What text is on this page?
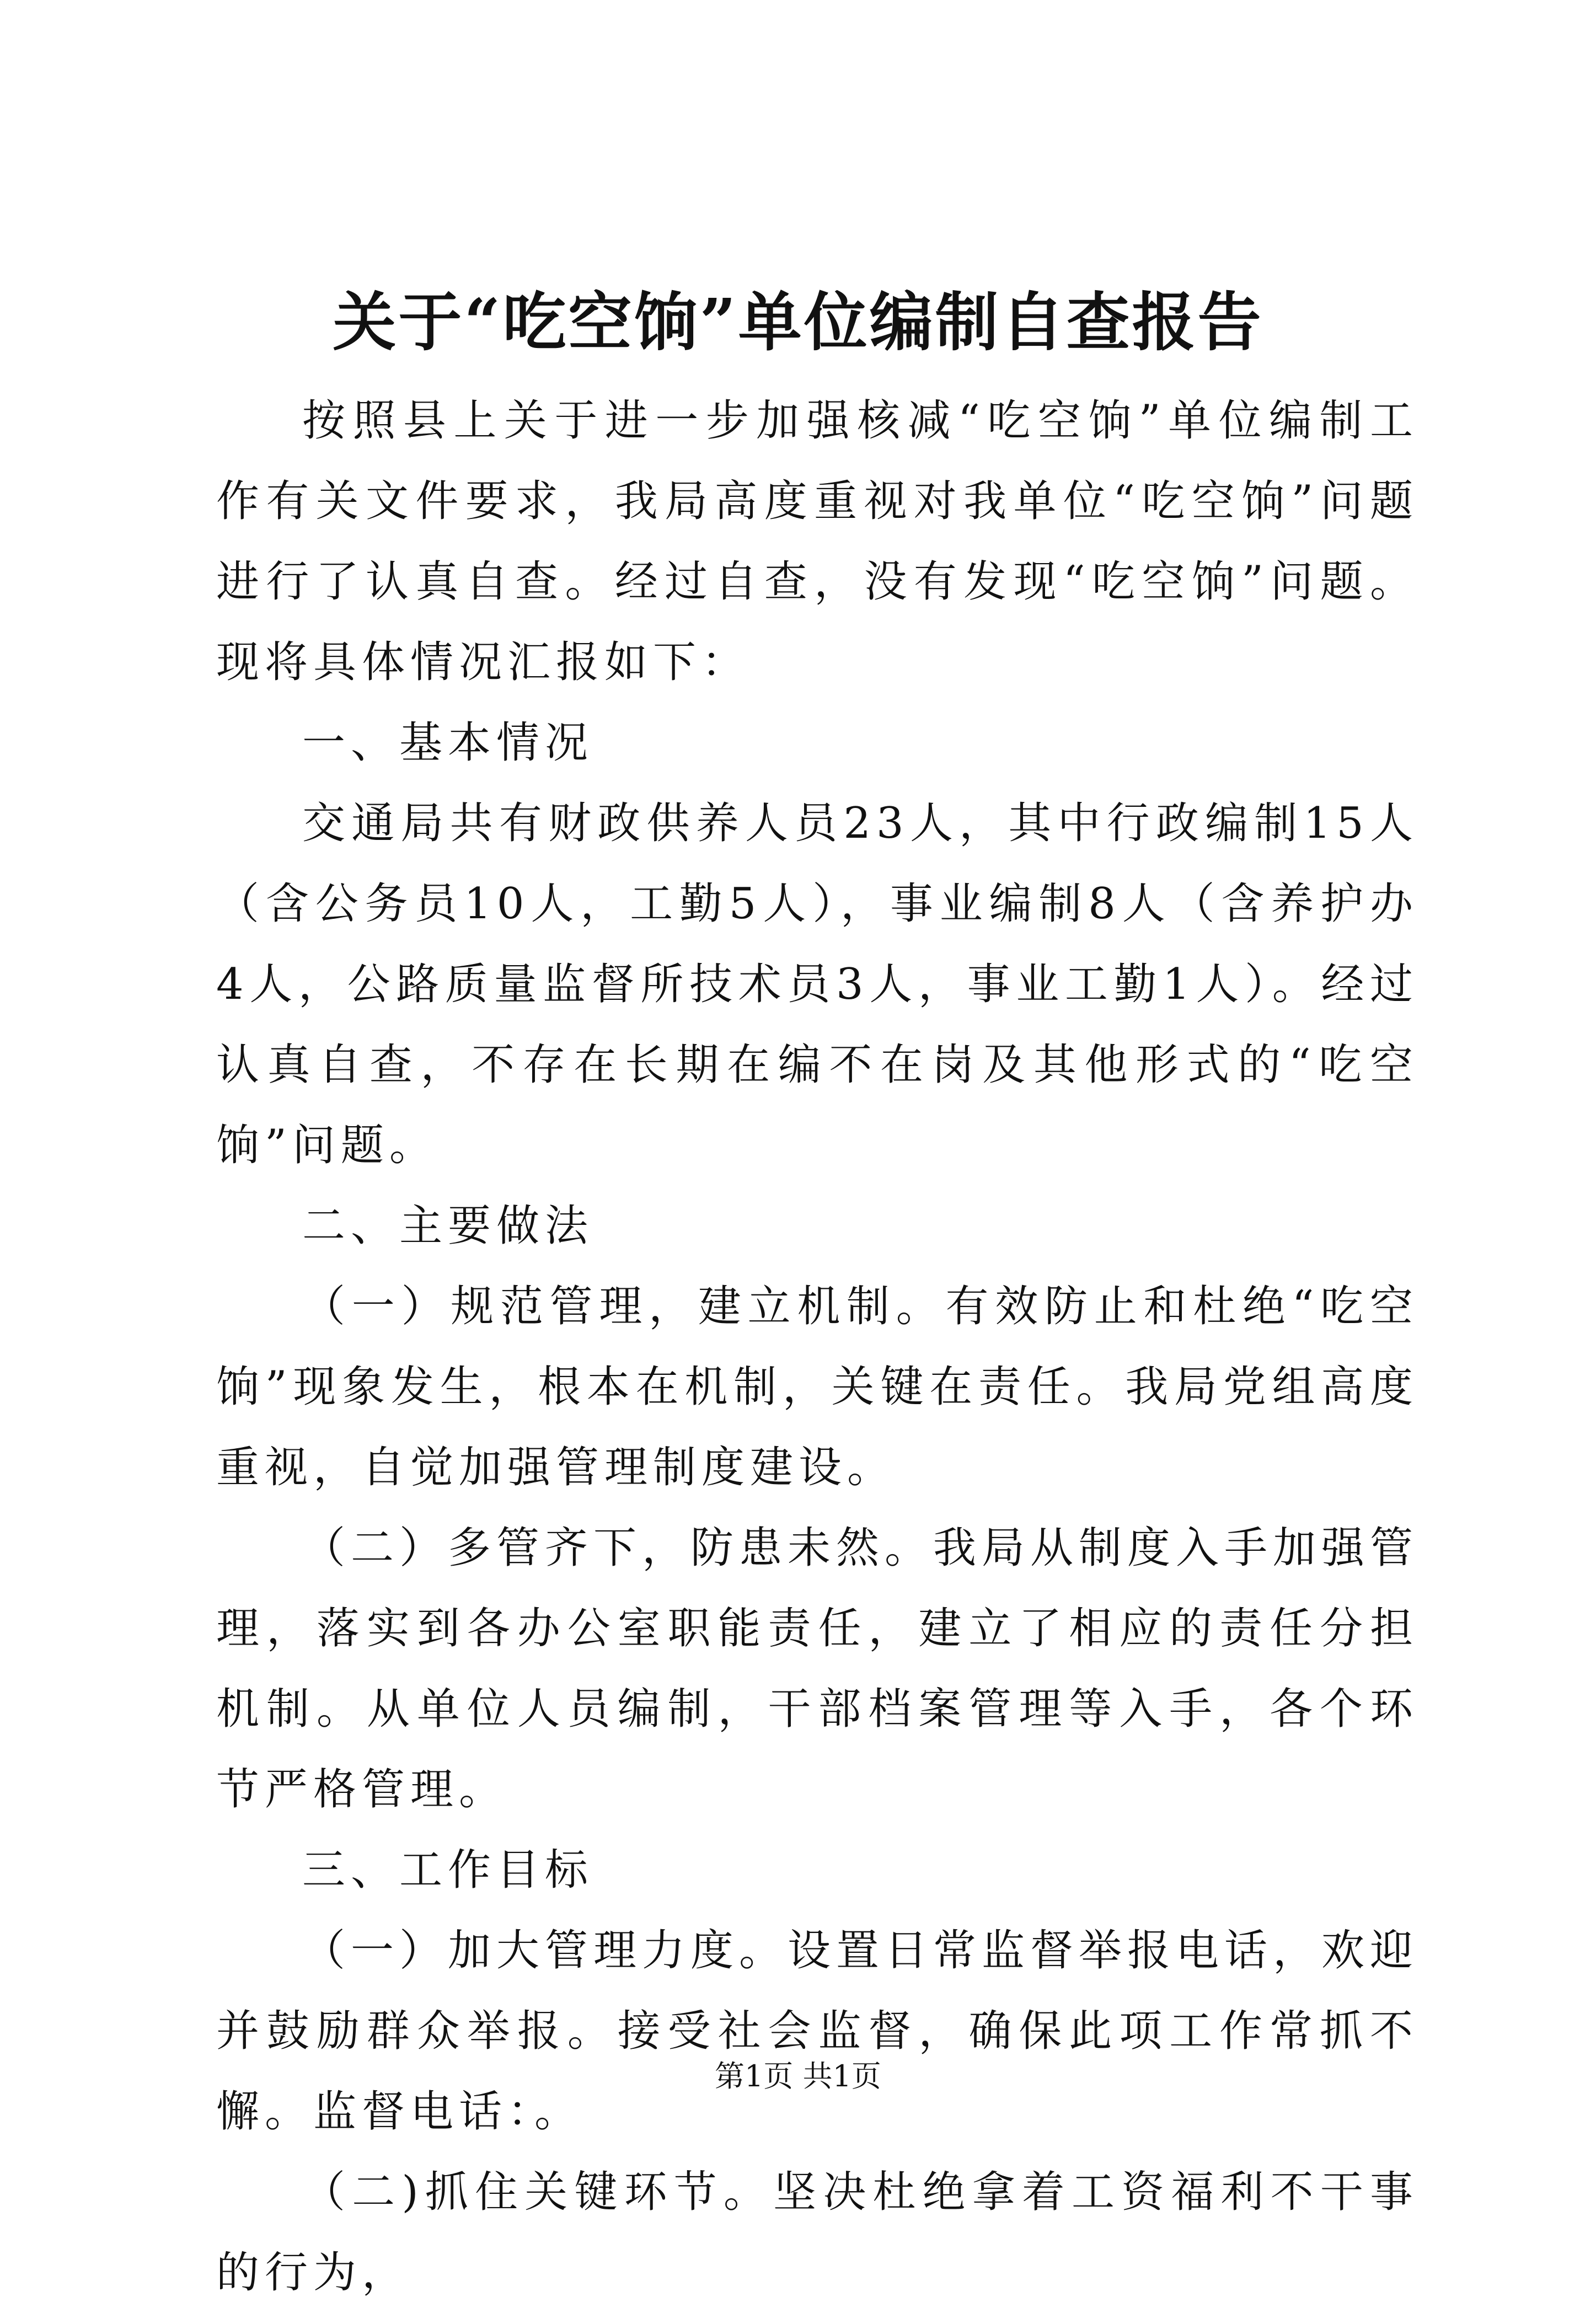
关于“吃空饷”单位编制自查报告

按照县上关于进一步加强核减“吃空饷”单位编制工作有关文件要求，我局高度重视对我单位“吃空饷”问题进行了认真自查。经过自查，没有发现“吃空饷”问题。现将具体情况汇报如下：

一、基本情况

交通局共有财政供养人员23人，其中行政编制15人（含公务员10人，工勤5人），事业编制8人（含养护办4人，公路质量监督所技术员3人，事业工勤1人）。经过认真自查，不存在长期在编不在岗及其他形式的“吃空饷”问题。

二、主要做法

（一）规范管理，建立机制。有效防止和杜绝“吃空饷”现象发生，根本在机制，关键在责任。我局党组高度重视，自觉加强管理制度建设。

（二）多管齐下，防患未然。我局从制度入手加强管理，落实到各办公室职能责任，建立了相应的责任分担机制。从单位人员编制，干部档案管理等入手，各个环节严格管理。

三、工作目标

（一）加大管理力度。设置日常监督举报电话，欢迎并鼓励群众举报。接受社会监督，确保此项工作常抓不懈。监督电话：。

（二)抓住关键环节。坚决杜绝拿着工资福利不干事的行为，

第1页 共1页
